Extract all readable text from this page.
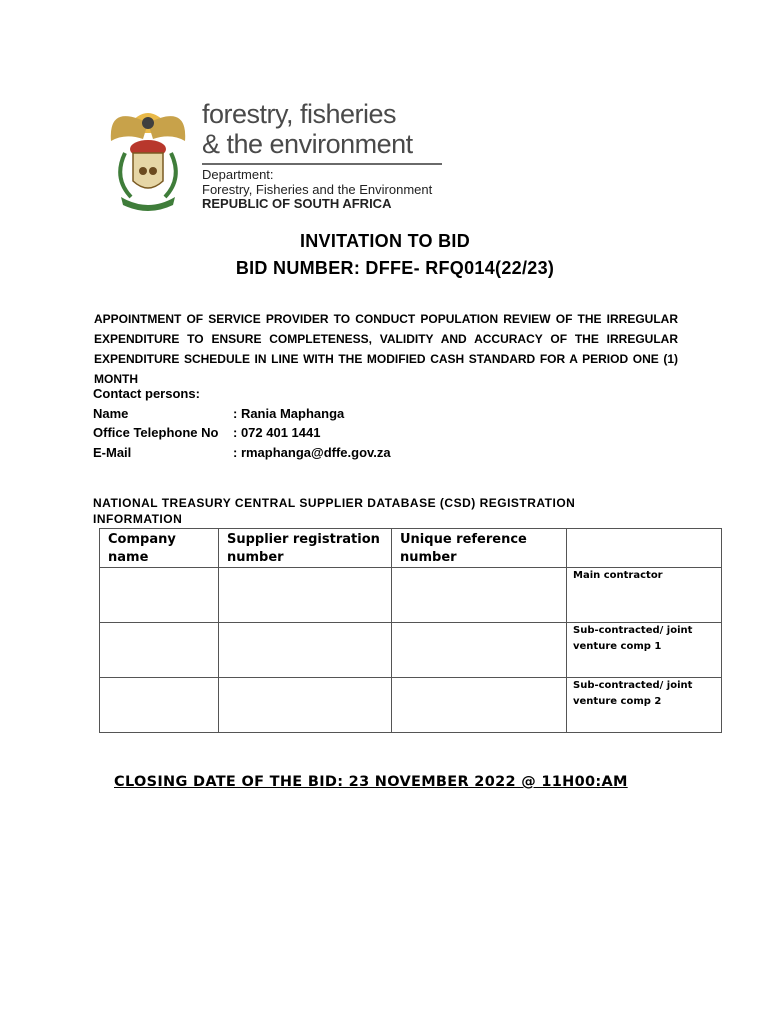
forestry, fisheries
& the environment
Department:
Forestry, Fisheries and the Environment
REPUBLIC OF SOUTH AFRICA
INVITATION TO BID
BID NUMBER: DFFE- RFQ014(22/23)
APPOINTMENT OF SERVICE PROVIDER TO CONDUCT POPULATION REVIEW OF THE IRREGULAR EXPENDITURE TO ENSURE COMPLETENESS, VALIDITY AND ACCURACY OF THE IRREGULAR EXPENDITURE SCHEDULE IN LINE WITH THE MODIFIED CASH STANDARD FOR A PERIOD ONE (1) MONTH
Contact persons:
Name	: Rania Maphanga
Office Telephone No	: 072 401 1441
E-Mail	: rmaphanga@dffe.gov.za
NATIONAL TREASURY CENTRAL SUPPLIER DATABASE (CSD) REGISTRATION INFORMATION
Company name	Supplier registration number	Unique reference number	
			Main contractor
			Sub-contracted/ joint venture comp 1
			Sub-contracted/ joint venture comp 2
CLOSING DATE OF THE BID: 23 NOVEMBER 2022 @ 11H00:AM
